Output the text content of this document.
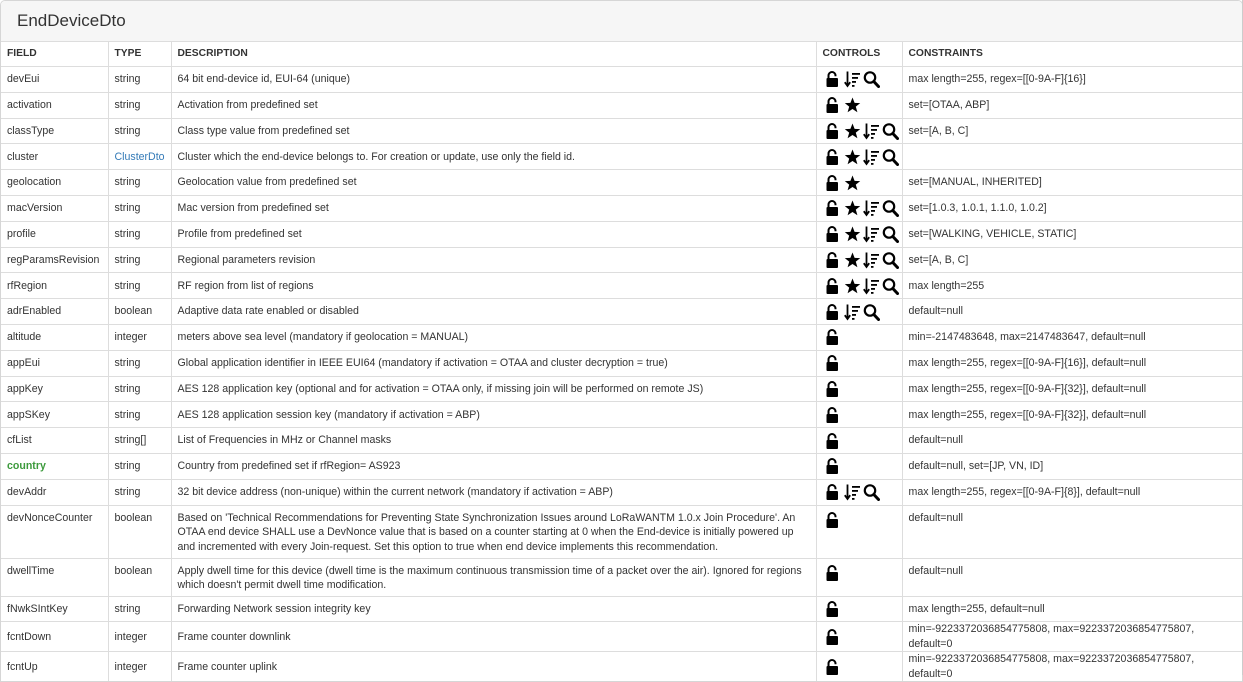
EndDeviceDto
FIELD	TYPE	DESCRIPTION	CONTROLS	CONSTRAINTS
devEui	string	64 bit end-device id, EUI-64 (unique)		max length=255, regex=[[0-9A-F]{16}]
activation	string	Activation from predefined set		set=[OTAA, ABP]
classType	string	Class type value from predefined set		set=[A, B, C]
cluster	ClusterDto	Cluster which the end-device belongs to. For creation or update, use only the field id.	

geolocation	string	Geolocation value from predefined set		set=[MANUAL, INHERITED]
macVersion	string	Mac version from predefined set		set=[1.0.3, 1.0.1, 1.1.0, 1.0.2]
profile	string	Profile from predefined set		set=[WALKING, VEHICLE, STATIC]
regParamsRevision	string	Regional parameters revision		set=[A, B, C]
rfRegion	string	RF region from list of regions		max length=255
adrEnabled	boolean	Adaptive data rate enabled or disabled		default=null
altitude	integer	meters above sea level (mandatory if geolocation = MANUAL)		min=-2147483648, max=2147483647, default=null
appEui	string	Global application identifier in IEEE EUI64 (mandatory if activation = OTAA and cluster decryption = true)		max length=255, regex=[[0-9A-F]{16}], default=null
appKey	string	AES 128 application key (optional and for activation = OTAA only, if missing join will be performed on remote JS)		max length=255, regex=[[0-9A-F]{32}], default=null
appSKey	string	AES 128 application session key (mandatory if activation = ABP)		max length=255, regex=[[0-9A-F]{32}], default=null
cfList	string[]	List of Frequencies in MHz or Channel masks		default=null
country	string	Country from predefined set if rfRegion= AS923		default=null, set=[JP, VN, ID]
devAddr	string	32 bit device address (non-unique) within the current network (mandatory if activation = ABP)		max length=255, regex=[[0-9A-F]{8}], default=null
devNonceCounter	boolean	Based on 'Technical Recommendations for Preventing State Synchronization Issues around LoRaWANTM 1.0.x Join Procedure'. An OTAA end device SHALL use a DevNonce value that is based on a counter starting at 0 when the End-device is initially powered up and incremented with every Join-request. Set this option to true when end device implements this recommendation.		default=null
dwellTime	boolean	Apply dwell time for this device (dwell time is the maximum continuous transmission time of a packet over the air). Ignored for regions which doesn't permit dwell time modification.		default=null
fNwkSIntKey	string	Forwarding Network session integrity key		max length=255, default=null
fcntDown	integer	Frame counter downlink		min=-9223372036854775808, max=9223372036854775807, default=0
fcntUp	integer	Frame counter uplink		min=-9223372036854775808, max=9223372036854775807, default=0
